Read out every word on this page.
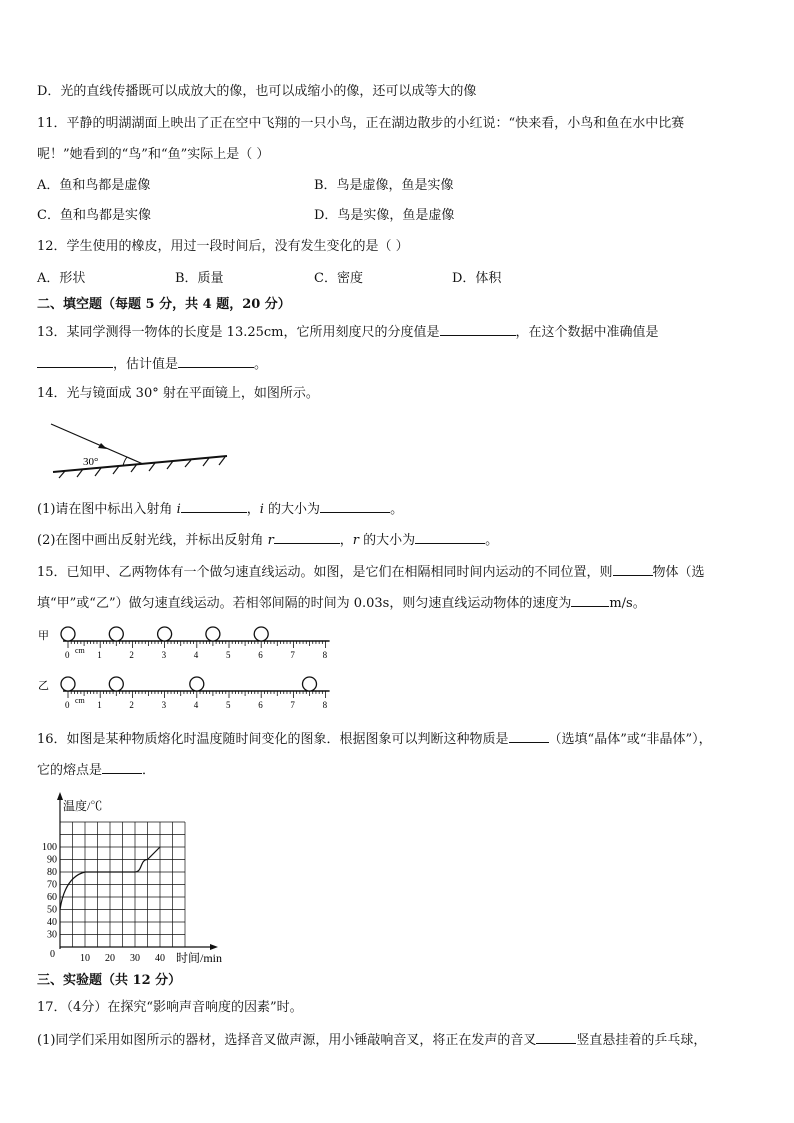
D．光的直线传播既可以成放大的像，也可以成缩小的像，还可以成等大的像
11．平静的明湖湖面上映出了正在空中飞翔的一只小鸟，正在湖边散步的小红说：“快来看，小鸟和鱼在水中比赛
呢！”她看到的“鸟”和“鱼”实际上是（ ）
A．鱼和鸟都是虚像	B．鸟是虚像，鱼是实像
C．鱼和鸟都是实像	D．鸟是实像，鱼是虚像
12．学生使用的橡皮，用过一段时间后，没有发生变化的是（ ）
A．形状	B．质量	C．密度	D．体积
二、填空题（每题 5 分，共 4 题，20 分）
13．某同学测得一物体的长度是 13.25cm，它所用刻度尺的分度值是	，在这个数据中准确值是
，估计值是	。
14．光与镜面成 30° 射在平面镜上，如图所示。
30°
(1)请在图中标出入射角 i	，i 的大小为	。
(2)在图中画出反射光线，并标出反射角 r	，r 的大小为	。
15．已知甲、乙两物体有一个做匀速直线运动。如图，是它们在相隔相同时间内运动的不同位置，则	物体（选
填“甲”或“乙”）做匀速直线运动。若相邻间隔的时间为 0.03s，则匀速直线运动物体的速度为	m/s。
甲
乙
0	1	2	3	4	5	6	7	8
cm
0	1	2	3	4	5	6	7	8
cm
16．如图是某种物质熔化时温度随时间变化的图象．根据图象可以判断这种物质是	（选填“晶体”或“非晶体”），
它的熔点是	．
温度/℃
时间/min
100
90
80
70
60
50
40
30
10 20 30 40
0
三、实验题（共 12 分）
17．（4分）在探究“影响声音响度的因素”时。
(1)同学们采用如图所示的器材，选择音叉做声源，用小锤敲响音叉，将正在发声的音叉	竖直悬挂着的乒乓球，
